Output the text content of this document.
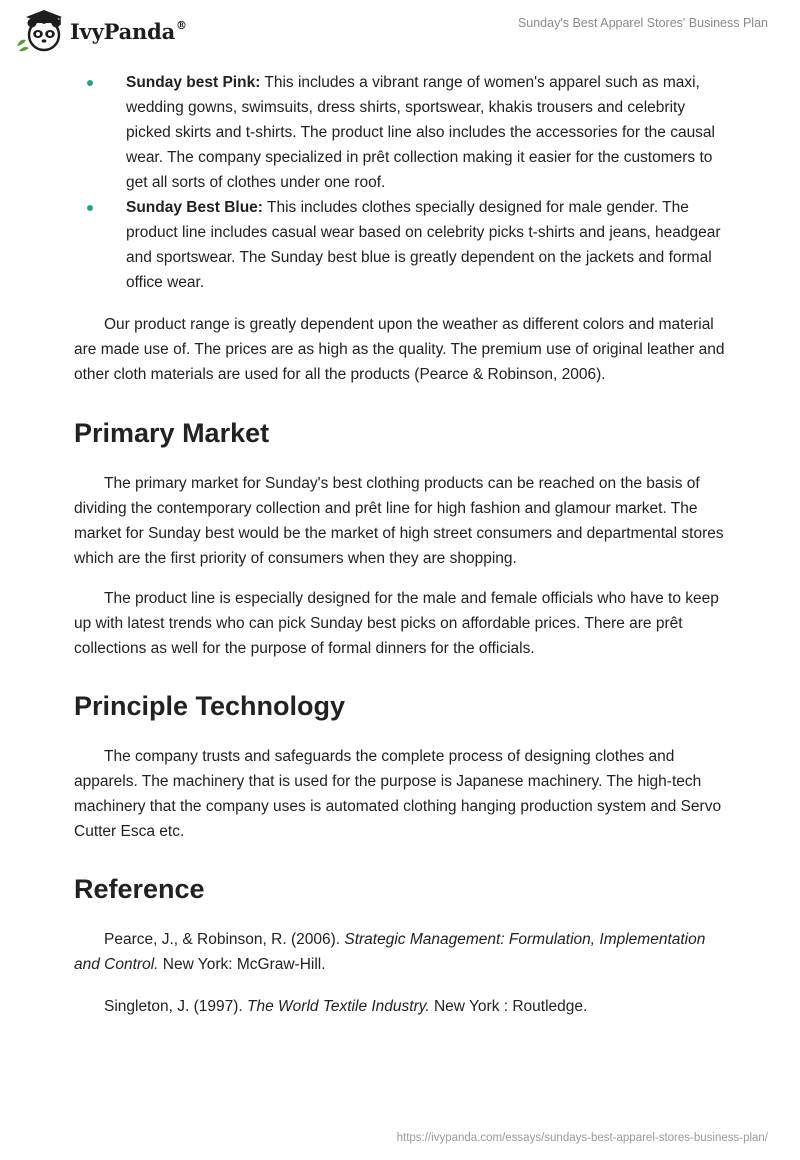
IvyPanda®	Sunday's Best Apparel Stores' Business Plan
Sunday best Pink: This includes a vibrant range of women's apparel such as maxi, wedding gowns, swimsuits, dress shirts, sportswear, khakis trousers and celebrity picked skirts and t-shirts. The product line also includes the accessories for the causal wear. The company specialized in prêt collection making it easier for the customers to get all sorts of clothes under one roof.
Sunday Best Blue: This includes clothes specially designed for male gender. The product line includes casual wear based on celebrity picks t-shirts and jeans, headgear and sportswear. The Sunday best blue is greatly dependent on the jackets and formal office wear.

Our product range is greatly dependent upon the weather as different colors and material are made use of. The prices are as high as the quality. The premium use of original leather and other cloth materials are used for all the products (Pearce & Robinson, 2006).

Primary Market

The primary market for Sunday's best clothing products can be reached on the basis of dividing the contemporary collection and prêt line for high fashion and glamour market. The market for Sunday best would be the market of high street consumers and departmental stores which are the first priority of consumers when they are shopping.

The product line is especially designed for the male and female officials who have to keep up with latest trends who can pick Sunday best picks on affordable prices. There are prêt collections as well for the purpose of formal dinners for the officials.

Principle Technology

The company trusts and safeguards the complete process of designing clothes and apparels. The machinery that is used for the purpose is Japanese machinery. The high-tech machinery that the company uses is automated clothing hanging production system and Servo Cutter Esca etc.

Reference

Pearce, J., & Robinson, R. (2006). Strategic Management: Formulation, Implementation and Control. New York: McGraw-Hill.

Singleton, J. (1997). The World Textile Industry. New York : Routledge.

https://ivypanda.com/essays/sundays-best-apparel-stores-business-plan/
